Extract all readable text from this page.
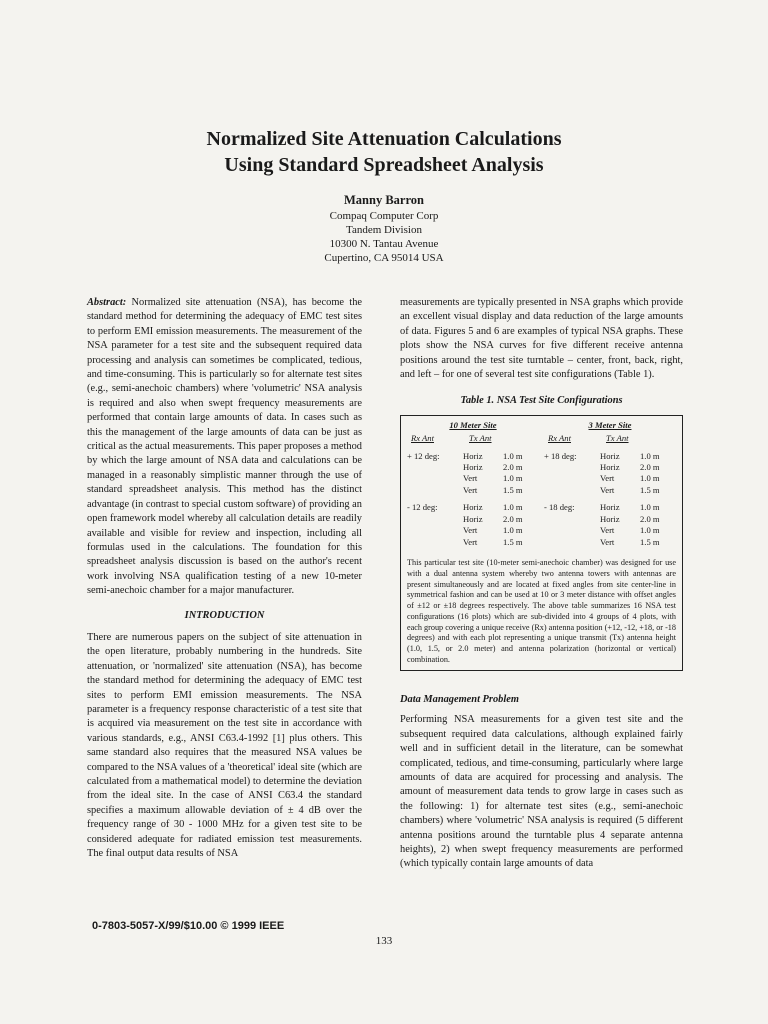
Normalized Site Attenuation Calculations
Using Standard Spreadsheet Analysis
Manny Barron
Compaq Computer Corp
Tandem Division
10300 N. Tantau Avenue
Cupertino, CA 95014 USA

Abstract: Normalized site attenuation (NSA), has become the standard method for determining the adequacy of EMC test sites to perform EMI emission measurements. The measurement of the NSA parameter for a test site and the subsequent required data processing and analysis can sometimes be complicated, tedious, and time-consuming. This is particularly so for alternate test sites (e.g., semi-anechoic chambers) where 'volumetric' NSA analysis is required and also when swept frequency measurements are performed that contain large amounts of data. In cases such as this the management of the large amounts of data can be just as critical as the actual measurements. This paper proposes a method by which the large amount of NSA data and calculations can be managed in a reasonably simplistic manner through the use of standard spreadsheet analysis. This method has the distinct advantage (in contrast to special custom software) of providing an open framework model whereby all calculation details are readily available and visible for review and inspection, including all formulas used in the calculations. The foundation for this spreadsheet analysis discussion is based on the author's recent work involving NSA qualification testing of a new 10-meter semi-anechoic chamber for a major manufacturer.

INTRODUCTION

There are numerous papers on the subject of site attenuation in the open literature, probably numbering in the hundreds. Site attenuation, or 'normalized' site attenuation (NSA), has become the standard method for determining the adequacy of EMC test sites to perform EMI emission measurements. The NSA parameter is a frequency response characteristic of a test site that is acquired via measurement on the test site in accordance with various standards, e.g., ANSI C63.4-1992 [1] plus others. This same standard also requires that the measured NSA values be compared to the NSA values of a 'theoretical' ideal site (which are calculated from a mathematical model) to determine the deviation from the ideal site. In the case of ANSI C63.4 the standard specifies a maximum allowable deviation of ± 4 dB over the frequency range of 30 - 1000 MHz for a given test site to be considered adequate for radiated emission test measurements. The final output data results of NSA

measurements are typically presented in NSA graphs which provide an excellent visual display and data reduction of the large amounts of data. Figures 5 and 6 are examples of typical NSA graphs. These plots show the NSA curves for five different receive antenna positions around the test site turntable – center, front, back, right, and left – for one of several test site configurations (Table 1).

Table 1. NSA Test Site Configurations

10 Meter Site
Rx Ant	Tx Ant
+ 12 deg:	Horiz	1.0 m
Horiz	2.0 m
Vert	1.0 m
Vert	1.5 m
- 12 deg:	Horiz	1.0 m
Horiz	2.0 m
Vert	1.0 m
Vert	1.5 m
3 Meter Site
Rx Ant	Tx Ant
+ 18 deg:	Horiz	1.0 m
Horiz	2.0 m
Vert	1.0 m
Vert	1.5 m
- 18 deg:	Horiz	1.0 m
Horiz	2.0 m
Vert	1.0 m
Vert	1.5 m
This particular test site (10-meter semi-anechoic chamber) was designed for use with a dual antenna system whereby two antenna towers with antennas are present simultaneously and are located at fixed angles from site center-line in symmetrical fashion and can be used at 10 or 3 meter distance with offset angles of ±12 or ±18 degrees respectively. The above table summarizes 16 NSA test configurations (16 plots) which are sub-divided into 4 groups of 4 plots, with each group covering a unique receive (Rx) antenna position (+12, -12, +18, or -18 degrees) and with each plot representing a unique transmit (Tx) antenna height (1.0, 1.5, or 2.0 meter) and antenna polarization (horizontal or vertical) combination.

Data Management Problem

Performing NSA measurements for a given test site and the subsequent required data calculations, although explained fairly well and in sufficient detail in the literature, can be somewhat complicated, tedious, and time-consuming, particularly where large amounts of data are acquired for processing and analysis. The amount of measurement data tends to grow large in cases such as the following: 1) for alternate test sites (e.g., semi-anechoic chambers) where 'volumetric' NSA analysis is required (5 different antenna positions around the turntable plus 4 separate antenna heights), 2) when swept frequency measurements are performed (which typically contain large amounts of data

0-7803-5057-X/99/$10.00 © 1999 IEEE
133
